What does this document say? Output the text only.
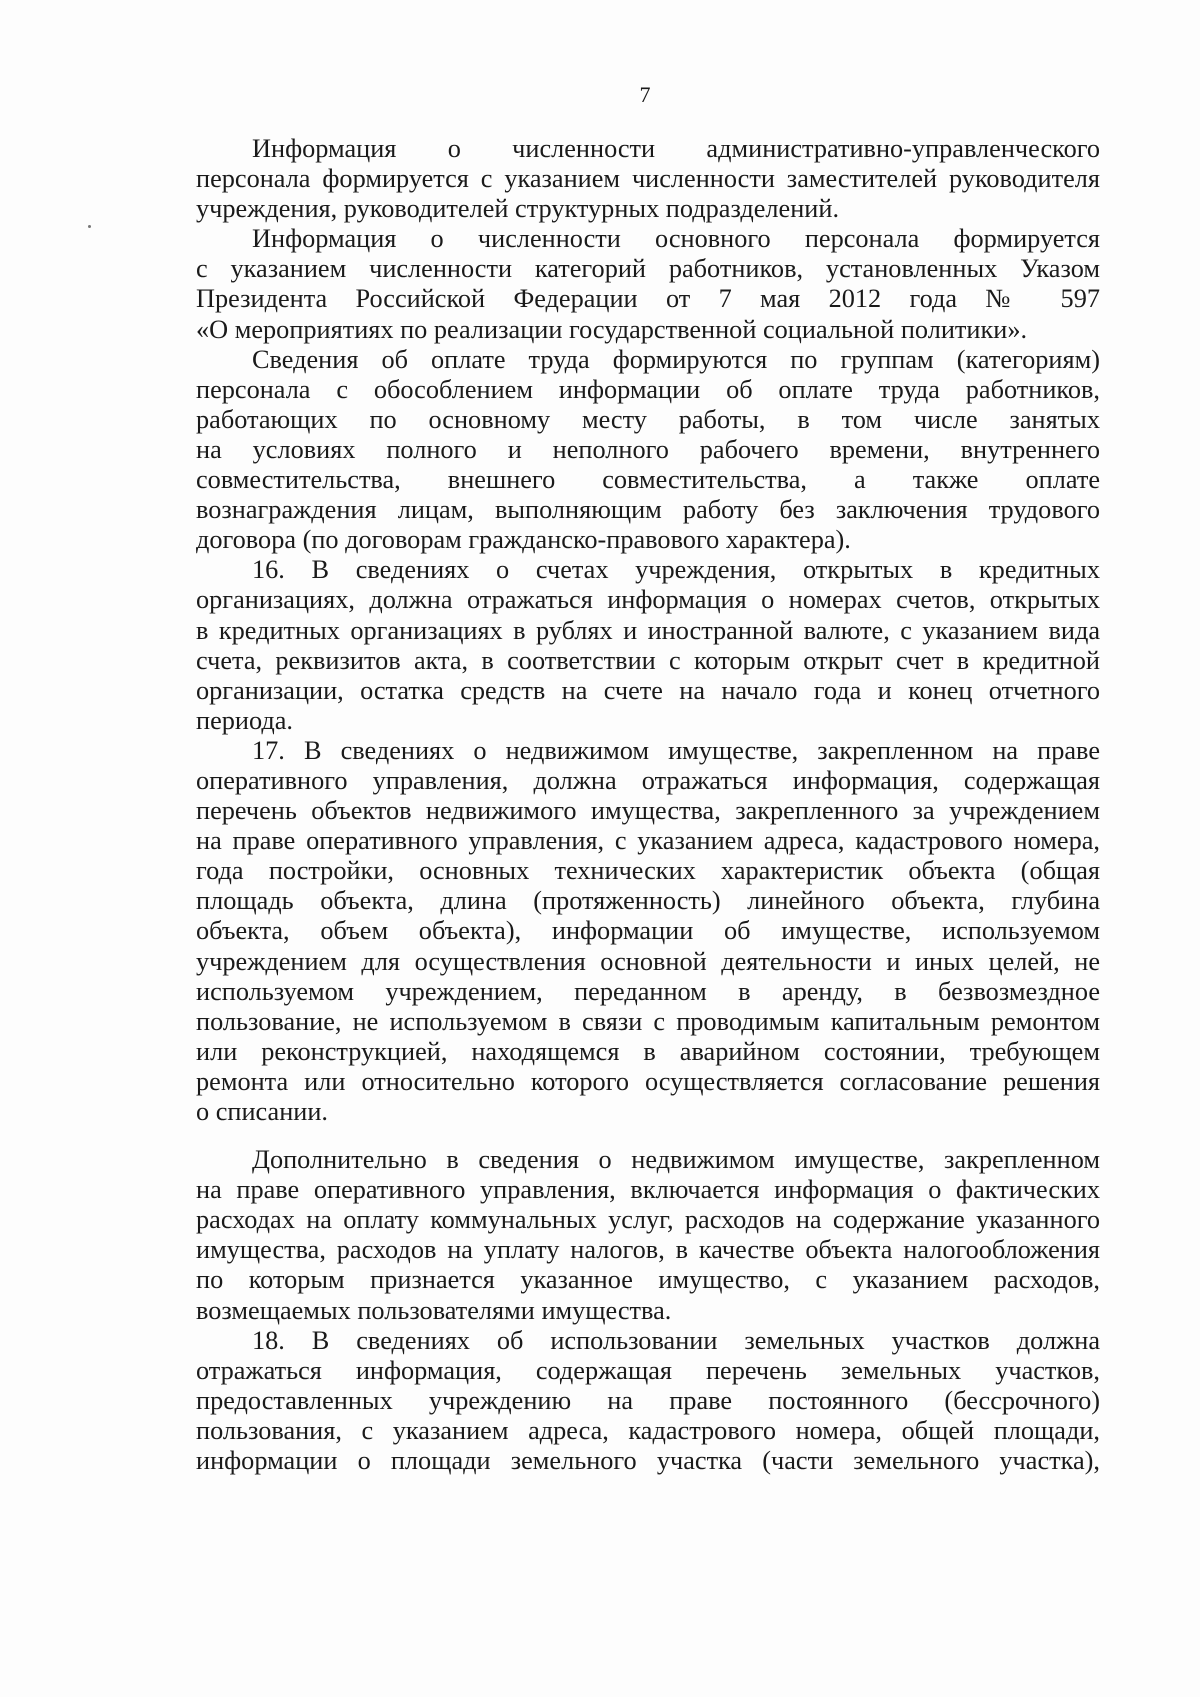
7
Информация о численности административно-управленческого
персонала формируется с указанием численности заместителей руководителя
учреждения, руководителей структурных подразделений.
Информация о численности основного персонала формируется
с указанием численности категорий работников, установленных Указом
Президента Российской Федерации от 7 мая 2012 года № 597
«О мероприятиях по реализации государственной социальной политики».
Сведения об оплате труда формируются по группам (категориям)
персонала с обособлением информации об оплате труда работников,
работающих по основному месту работы, в том числе занятых
на условиях полного и неполного рабочего времени, внутреннего
совместительства, внешнего совместительства, а также оплате
вознаграждения лицам, выполняющим работу без заключения трудового
договора (по договорам гражданско-правового характера).
16. В сведениях о счетах учреждения, открытых в кредитных
организациях, должна отражаться информация о номерах счетов, открытых
в кредитных организациях в рублях и иностранной валюте, с указанием вида
счета, реквизитов акта, в соответствии с которым открыт счет в кредитной
организации, остатка средств на счете на начало года и конец отчетного
периода.
17. В сведениях о недвижимом имуществе, закрепленном на праве
оперативного управления, должна отражаться информация, содержащая
перечень объектов недвижимого имущества, закрепленного за учреждением
на праве оперативного управления, с указанием адреса, кадастрового номера,
года постройки, основных технических характеристик объекта (общая
площадь объекта, длина (протяженность) линейного объекта, глубина
объекта, объем объекта), информации об имуществе, используемом
учреждением для осуществления основной деятельности и иных целей, не
используемом учреждением, переданном в аренду, в безвозмездное
пользование, не используемом в связи с проводимым капитальным ремонтом
или реконструкцией, находящемся в аварийном состоянии, требующем
ремонта или относительно которого осуществляется согласование решения
о списании.
Дополнительно в сведения о недвижимом имуществе, закрепленном
на праве оперативного управления, включается информация о фактических
расходах на оплату коммунальных услуг, расходов на содержание указанного
имущества, расходов на уплату налогов, в качестве объекта налогообложения
по которым признается указанное имущество, с указанием расходов,
возмещаемых пользователями имущества.
18. В сведениях об использовании земельных участков должна
отражаться информация, содержащая перечень земельных участков,
предоставленных учреждению на праве постоянного (бессрочного)
пользования, с указанием адреса, кадастрового номера, общей площади,
информации о площади земельного участка (части земельного участка),
